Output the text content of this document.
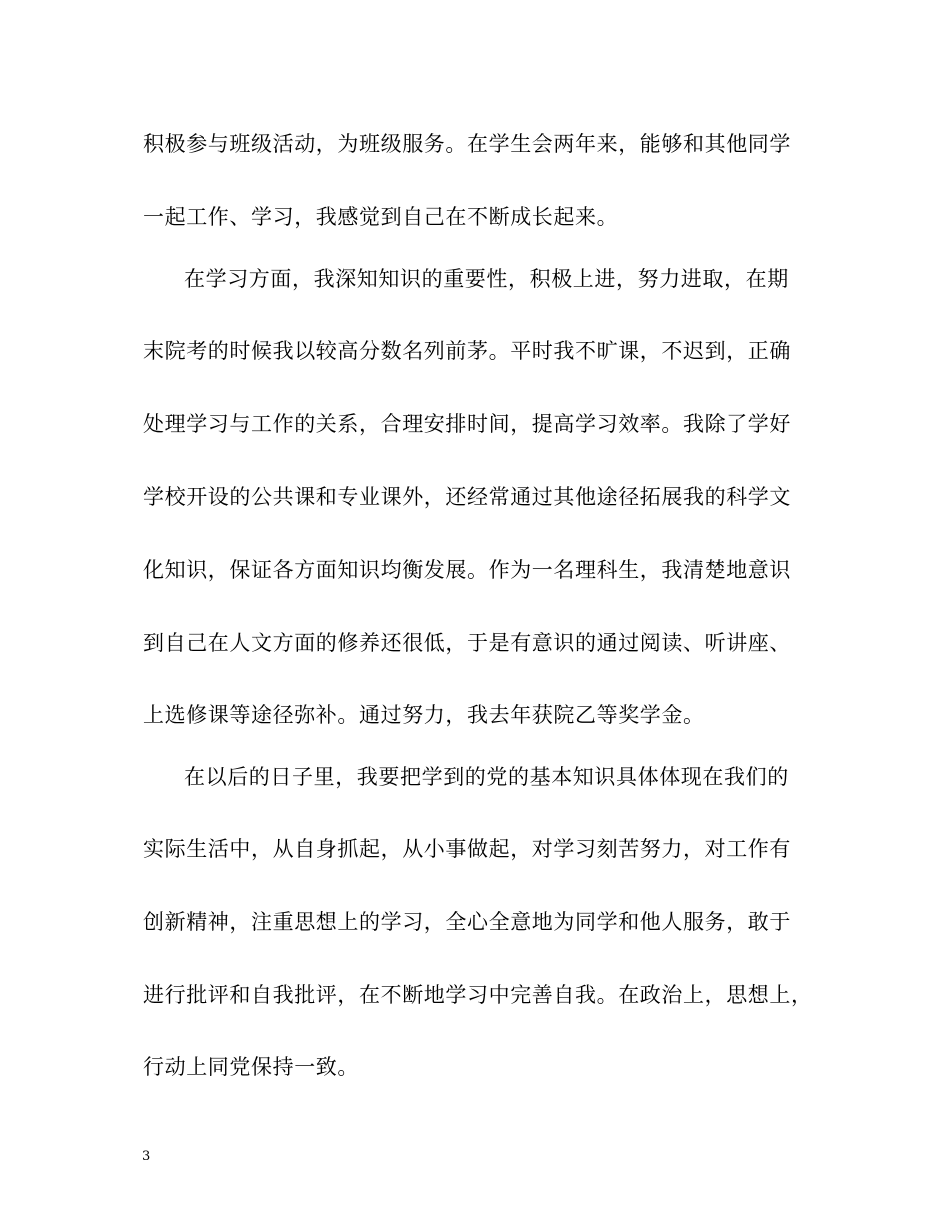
积极参与班级活动，为班级服务。在学生会两年来，能够和其他同学
一起工作、学习，我感觉到自己在不断成长起来。
在学习方面，我深知知识的重要性，积极上进，努力进取，在期
末院考的时候我以较高分数名列前茅。平时我不旷课，不迟到，正确
处理学习与工作的关系，合理安排时间，提高学习效率。我除了学好
学校开设的公共课和专业课外，还经常通过其他途径拓展我的科学文
化知识，保证各方面知识均衡发展。作为一名理科生，我清楚地意识
到自己在人文方面的修养还很低，于是有意识的通过阅读、听讲座、
上选修课等途径弥补。通过努力，我去年获院乙等奖学金。
在以后的日子里，我要把学到的党的基本知识具体体现在我们的
实际生活中，从自身抓起，从小事做起，对学习刻苦努力，对工作有
创新精神，注重思想上的学习，全心全意地为同学和他人服务，敢于
进行批评和自我批评，在不断地学习中完善自我。在政治上，思想上，
行动上同党保持一致。
3
